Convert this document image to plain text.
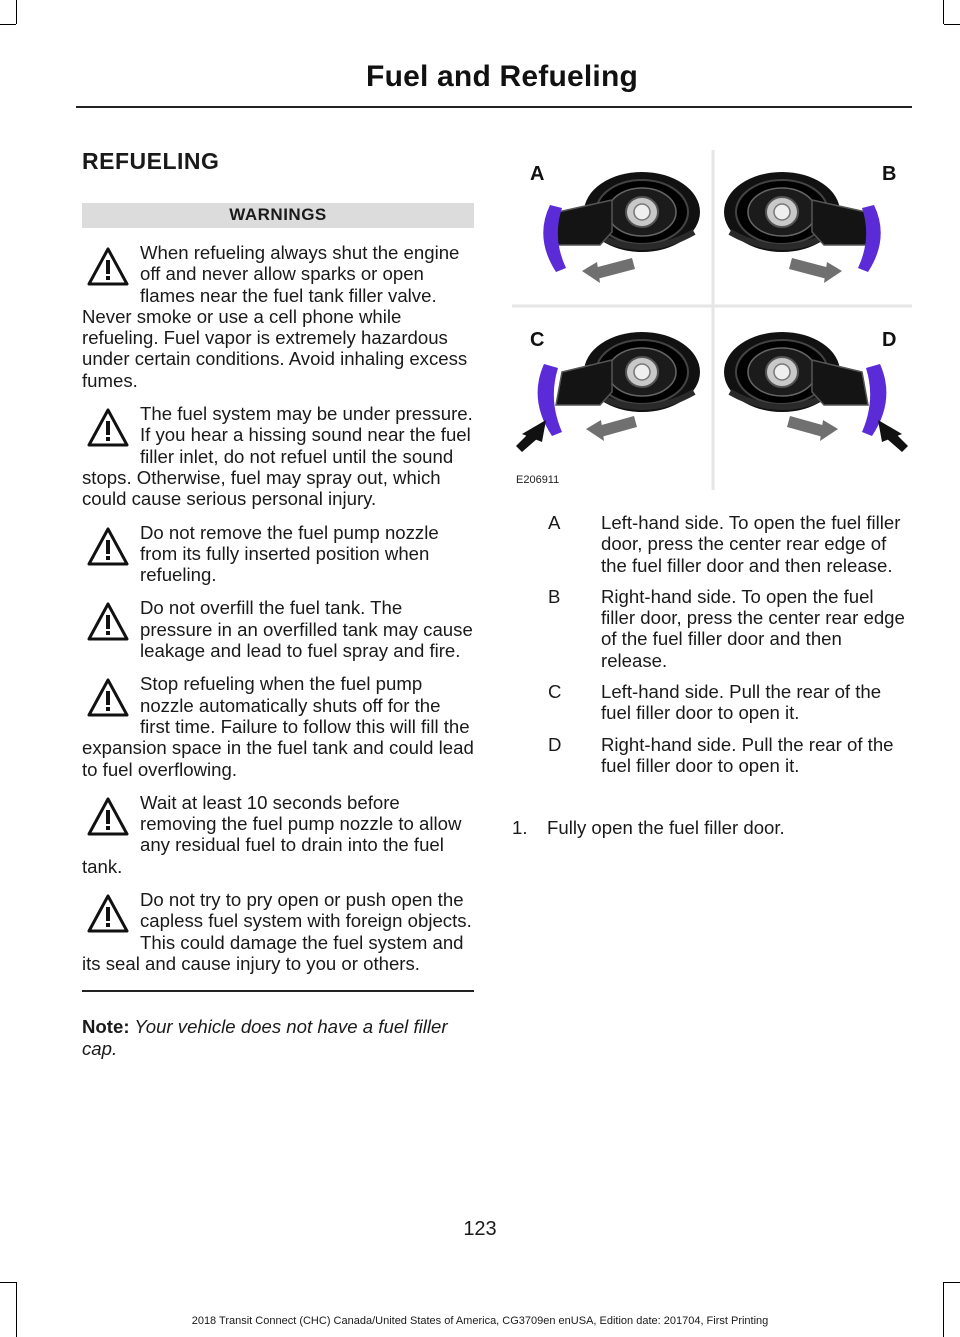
Fuel and Refueling
REFUELING
WARNINGS
When refueling always shut the engine off and never allow sparks or open flames near the fuel tank filler valve. Never smoke or use a cell phone while refueling. Fuel vapor is extremely hazardous under certain conditions. Avoid inhaling excess fumes.
The fuel system may be under pressure. If you hear a hissing sound near the fuel filler inlet, do not refuel until the sound stops. Otherwise, fuel may spray out, which could cause serious personal injury.
Do not remove the fuel pump nozzle from its fully inserted position when refueling.
Do not overfill the fuel tank. The pressure in an overfilled tank may cause leakage and lead to fuel spray and fire.
Stop refueling when the fuel pump nozzle automatically shuts off for the first time. Failure to follow this will fill the expansion space in the fuel tank and could lead to fuel overflowing.
Wait at least 10 seconds before removing the fuel pump nozzle to allow any residual fuel to drain into the fuel tank.
Do not try to pry open or push open the capless fuel system with foreign objects. This could damage the fuel system and its seal and cause injury to you or others.
Note: Your vehicle does not have a fuel filler cap.
A	B
C	D
E206911
A	Left-hand side. To open the fuel filler door, press the center rear edge of the fuel filler door and then release.
B	Right-hand side. To open the fuel filler door, press the center rear edge of the fuel filler door and then release.
C	Left-hand side. Pull the rear of the fuel filler door to open it.
D	Right-hand side. Pull the rear of the fuel filler door to open it.
1.	Fully open the fuel filler door.
123
2018 Transit Connect (CHC) Canada/United States of America, CG3709en enUSA, Edition date: 201704, First Printing
